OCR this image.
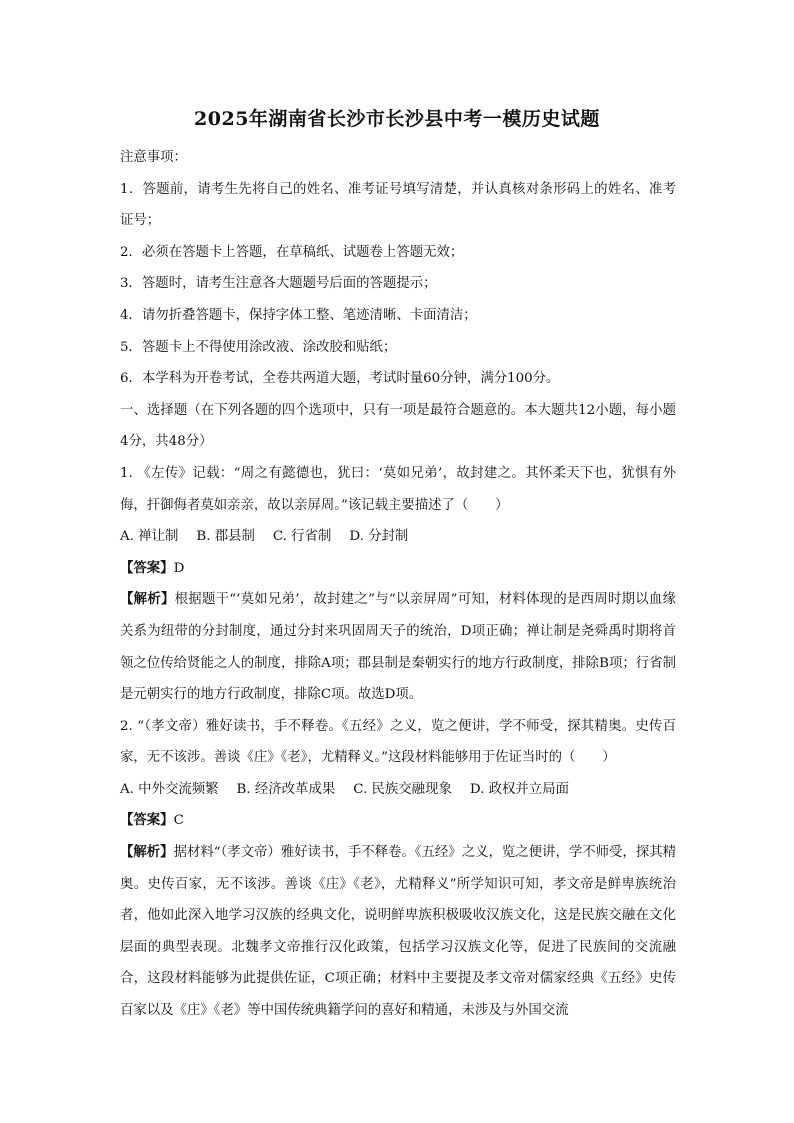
2025年湖南省长沙市长沙县中考一模历史试题

注意事项：

1．答题前，请考生先将自己的姓名、准考证号填写清楚，并认真核对条形码上的姓名、准考证号；

2．必须在答题卡上答题，在草稿纸、试题卷上答题无效；

3．答题时，请考生注意各大题题号后面的答题提示；

4．请勿折叠答题卡，保持字体工整、笔迹清晰、卡面清洁；

5．答题卡上不得使用涂改液、涂改胶和贴纸；

6．本学科为开卷考试，全卷共两道大题，考试时量60分钟，满分100分。

一、选择题（在下列各题的四个选项中，只有一项是最符合题意的。本大题共12小题，每小题4分，共48分）

1. 《左传》记载：“周之有懿德也，犹曰：‘莫如兄弟’，故封建之。其怀柔天下也，犹惧有外侮，扞御侮者莫如亲亲，故以亲屏周。”该记载主要描述了（　　）

A. 禅让制 B. 郡县制 C. 行省制 D. 分封制

【答案】D

【解析】根据题干“‘莫如兄弟’，故封建之”与“以亲屏周”可知，材料体现的是西周时期以血缘关系为纽带的分封制度，通过分封来巩固周天子的统治，D项正确；禅让制是尧舜禹时期将首领之位传给贤能之人的制度，排除A项；郡县制是秦朝实行的地方行政制度，排除B项；行省制是元朝实行的地方行政制度，排除C项。故选D项。

2. “（孝文帝）雅好读书，手不释卷。《五经》之义，览之便讲，学不师受，探其精奥。史传百家，无不该涉。善谈《庄》《老》，尤精释义。”这段材料能够用于佐证当时的（　　）

A. 中外交流频繁 B. 经济改革成果 C. 民族交融现象 D. 政权并立局面

【答案】C

【解析】据材料“（孝文帝）雅好读书，手不释卷。《五经》之义，览之便讲，学不师受，探其精奥。史传百家，无不该涉。善谈《庄》《老》，尤精释义”所学知识可知，孝文帝是鲜卑族统治者，他如此深入地学习汉族的经典文化，说明鲜卑族积极吸收汉族文化，这是民族交融在文化层面的典型表现。北魏孝文帝推行汉化政策，包括学习汉族文化等，促进了民族间的交流融合，这段材料能够为此提供佐证，C项正确；材料中主要提及孝文帝对儒家经典《五经》史传百家以及《庄》《老》等中国传统典籍学问的喜好和精通，未涉及与外国交流
